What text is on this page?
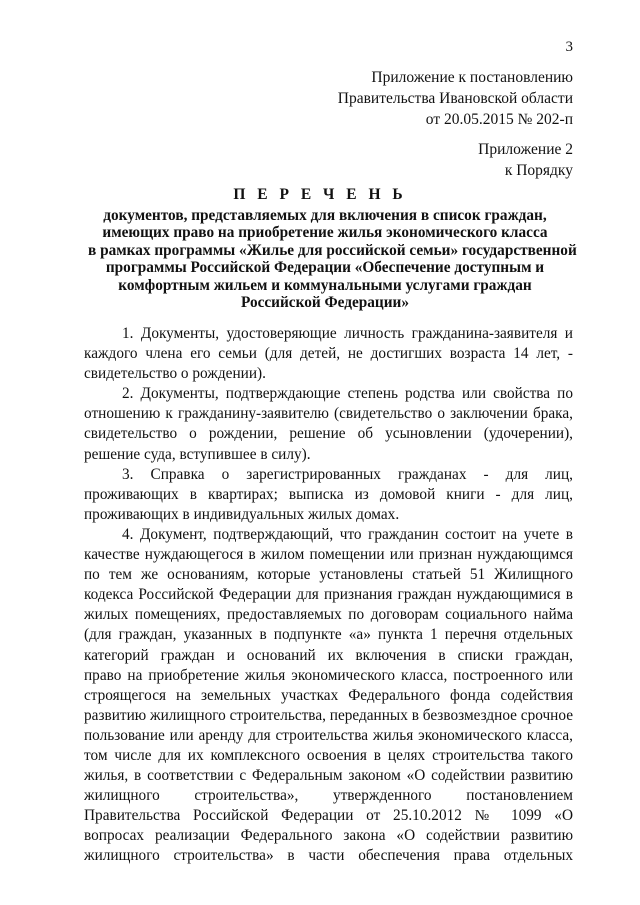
3
Приложение к постановлению
Правительства Ивановской области
от 20.05.2015 № 202-п
Приложение 2
к Порядку
П Е Р Е Ч Е Н Ь
документов, представляемых для включения в список граждан,
имеющих право на приобретение жилья экономического класса
в рамках программы «Жилье для российской семьи» государственной
программы Российской Федерации «Обеспечение доступным и
комфортным жильем и коммунальными услугами граждан
Российской Федерации»
1. Документы, удостоверяющие личность гражданина-заявителя и
каждого члена его семьи (для детей, не достигших возраста 14 лет, -
свидетельство о рождении).
2. Документы, подтверждающие степень родства или свойства по
отношению к гражданину-заявителю (свидетельство о заключении брака,
свидетельство о рождении, решение об усыновлении (удочерении),
решение суда, вступившее в силу).
3. Справка о зарегистрированных гражданах - для лиц,
проживающих в квартирах; выписка из домовой книги - для лиц,
проживающих в индивидуальных жилых домах.
4. Документ, подтверждающий, что гражданин состоит на учете в
качестве нуждающегося в жилом помещении или признан нуждающимся
по тем же основаниям, которые установлены статьей 51 Жилищного
кодекса Российской Федерации для признания граждан нуждающимися в
жилых помещениях, предоставляемых по договорам социального найма
(для граждан, указанных в подпункте «а» пункта 1 перечня отдельных
категорий граждан и оснований их включения в списки граждан,
право на приобретение жилья экономического класса, построенного или
строящегося на земельных участках Федерального фонда содействия
развитию жилищного строительства, переданных в безвозмездное срочное
пользование или аренду для строительства жилья экономического класса,
том числе для их комплексного освоения в целях строительства такого
жилья, в соответствии с Федеральным законом «О содействии развитию
жилищного строительства», утвержденного постановлением
Правительства Российской Федерации от 25.10.2012 № 1099 «О
вопросах реализации Федерального закона «О содействии развитию
жилищного строительства» в части обеспечения права отдельных
